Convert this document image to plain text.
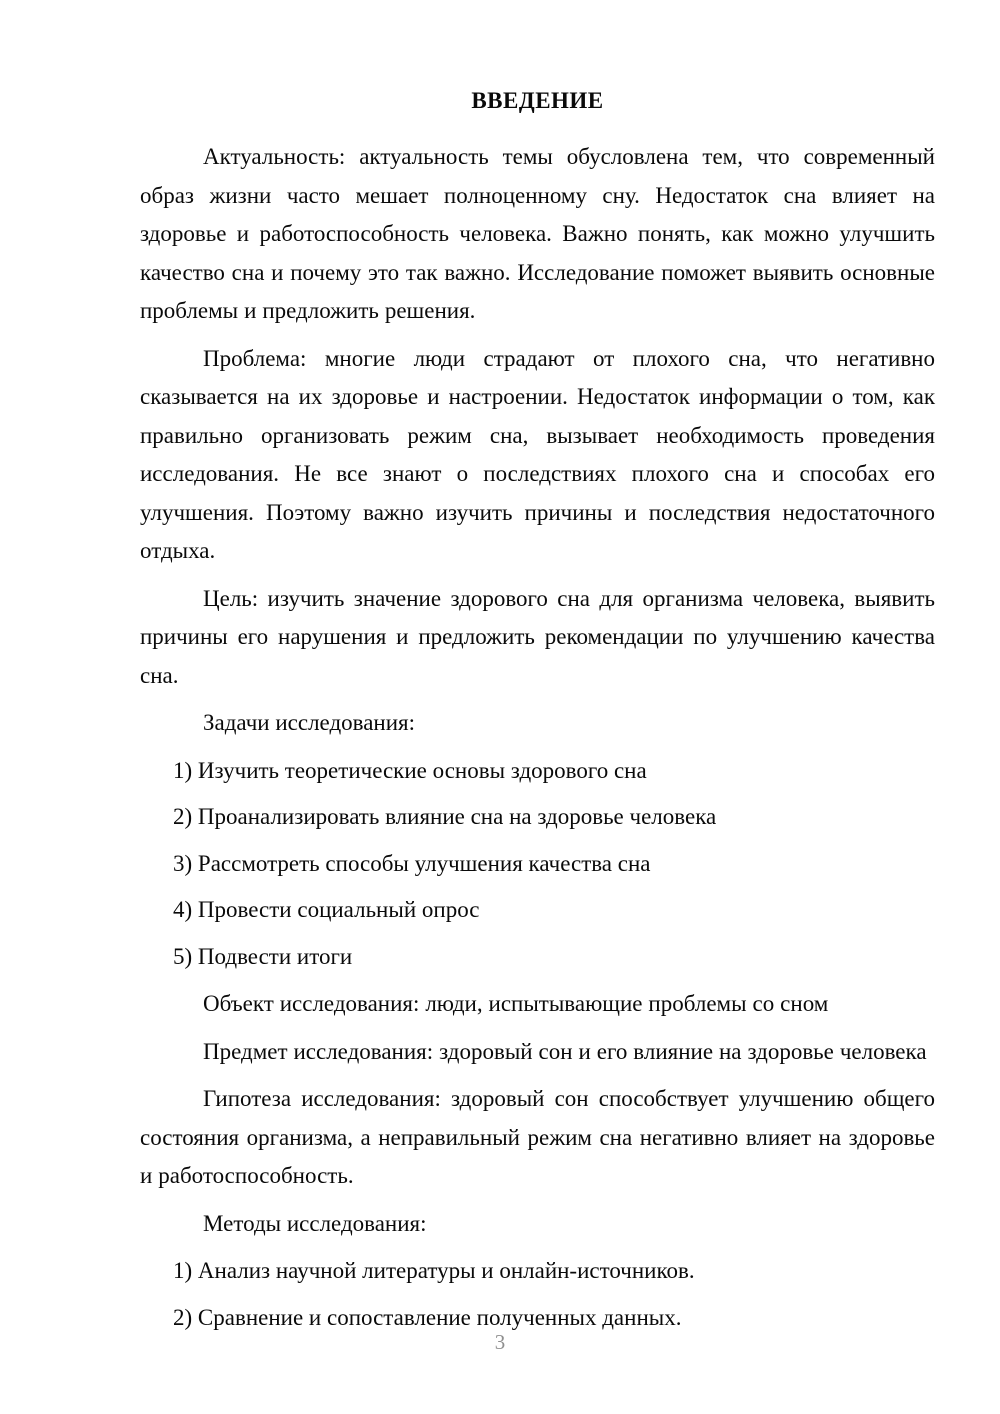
ВВЕДЕНИЕ

Актуальность: актуальность темы обусловлена тем, что современный образ жизни часто мешает полноценному сну. Недостаток сна влияет на здоровье и работоспособность человека. Важно понять, как можно улучшить качество сна и почему это так важно. Исследование поможет выявить основные проблемы и предложить решения.

Проблема: многие люди страдают от плохого сна, что негативно сказывается на их здоровье и настроении. Недостаток информации о том, как правильно организовать режим сна, вызывает необходимость проведения исследования. Не все знают о последствиях плохого сна и способах его улучшения. Поэтому важно изучить причины и последствия недостаточного отдыха.

Цель: изучить значение здорового сна для организма человека, выявить причины его нарушения и предложить рекомендации по улучшению качества сна.

Задачи исследования:

1) Изучить теоретические основы здорового сна
2) Проанализировать влияние сна на здоровье человека
3) Рассмотреть способы улучшения качества сна
4) Провести социальный опрос
5) Подвести итоги

Объект исследования: люди, испытывающие проблемы со сном

Предмет исследования: здоровый сон и его влияние на здоровье человека

Гипотеза исследования: здоровый сон способствует улучшению общего состояния организма, а неправильный режим сна негативно влияет на здоровье и работоспособность.

Методы исследования:

1) Анализ научной литературы и онлайн-источников.
2) Сравнение и сопоставление полученных данных.
3
